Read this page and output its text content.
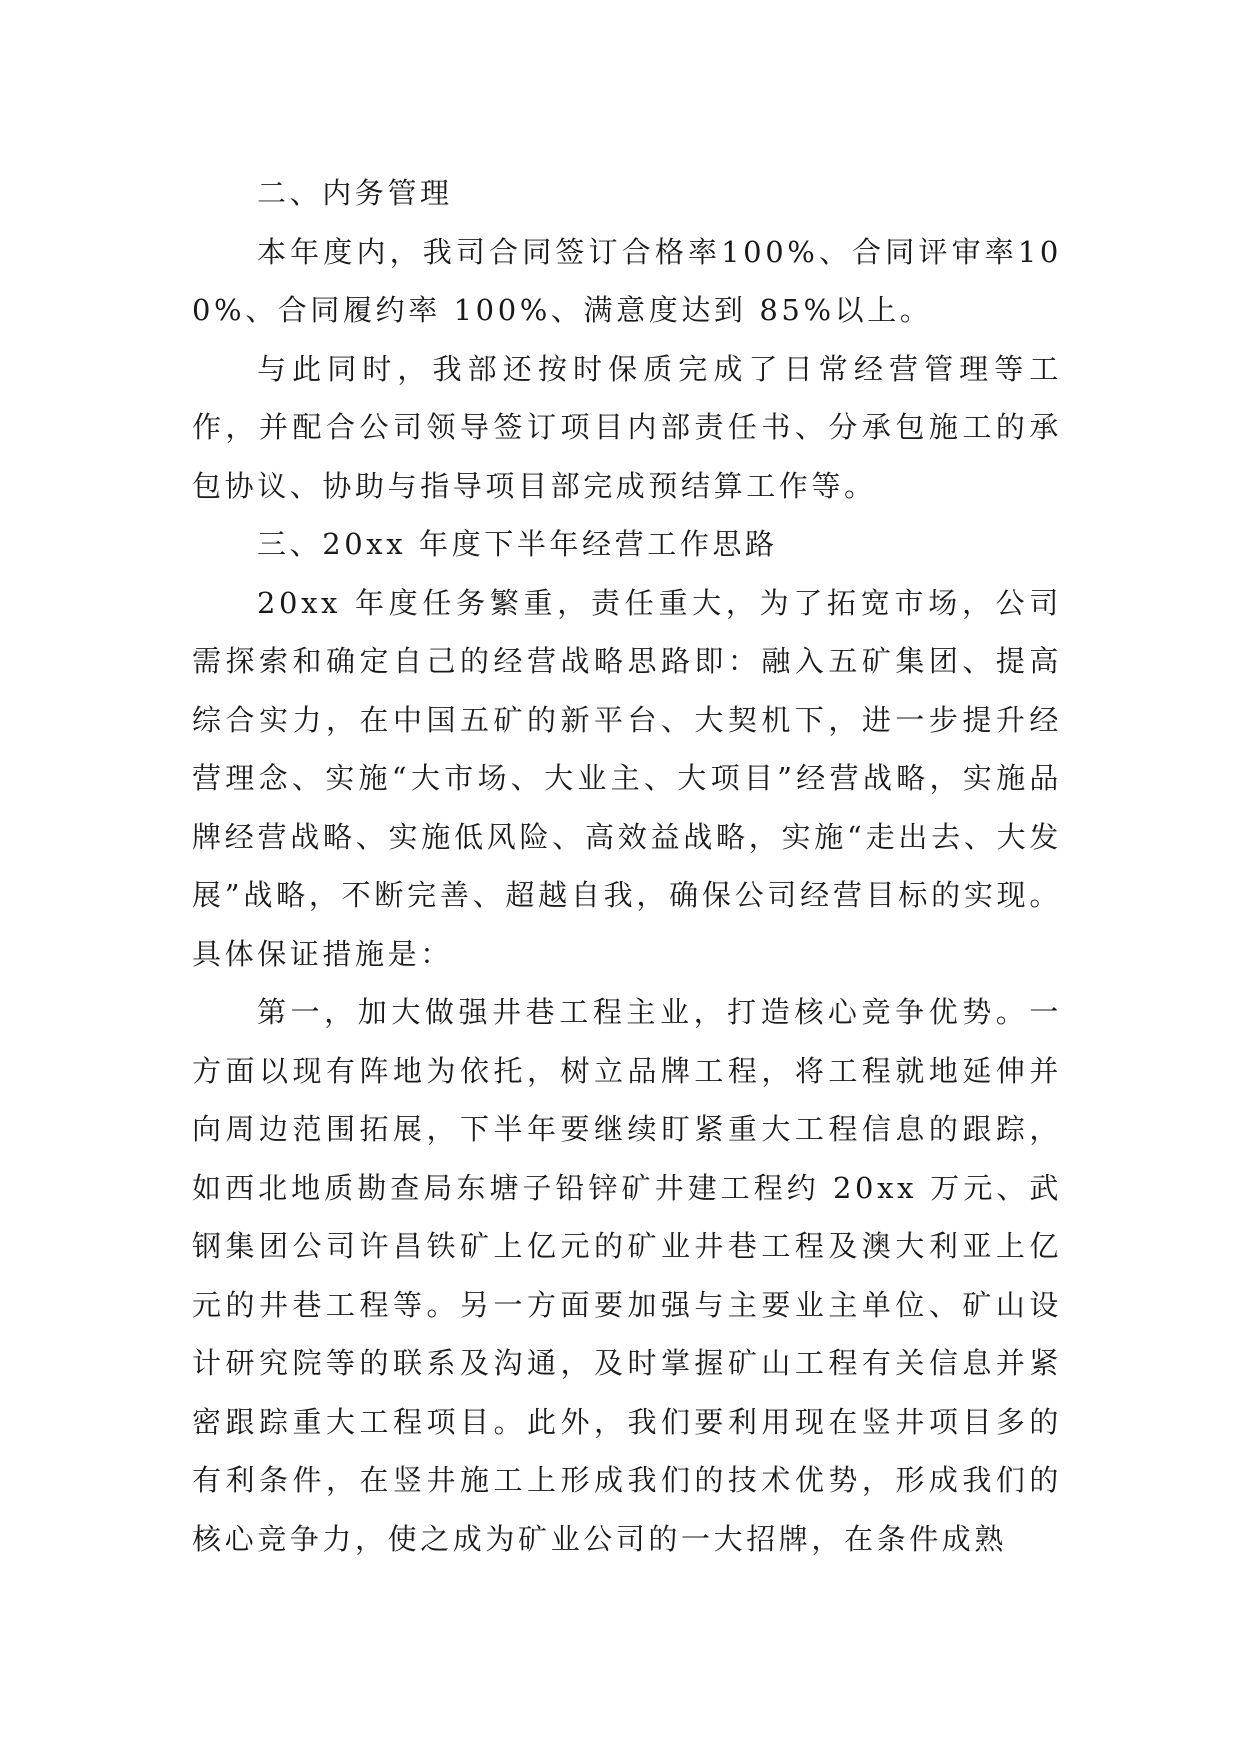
二、内务管理

本年度内，我司合同签订合格率100%、合同评审率100%、合同履约率 100%、满意度达到 85%以上。

与此同时，我部还按时保质完成了日常经营管理等工作，并配合公司领导签订项目内部责任书、分承包施工的承包协议、协助与指导项目部完成预结算工作等。

三、20xx 年度下半年经营工作思路

20xx 年度任务繁重，责任重大，为了拓宽市场，公司需探索和确定自己的经营战略思路即：融入五矿集团、提高综合实力，在中国五矿的新平台、大契机下，进一步提升经营理念、实施“大市场、大业主、大项目”经营战略，实施品牌经营战略、实施低风险、高效益战略，实施“走出去、大发展”战略，不断完善、超越自我，确保公司经营目标的实现。具体保证措施是：

第一，加大做强井巷工程主业，打造核心竞争优势。一方面以现有阵地为依托，树立品牌工程，将工程就地延伸并向周边范围拓展，下半年要继续盯紧重大工程信息的跟踪，如西北地质勘查局东塘子铅锌矿井建工程约 20xx 万元、武钢集团公司许昌铁矿上亿元的矿业井巷工程及澳大利亚上亿元的井巷工程等。另一方面要加强与主要业主单位、矿山设计研究院等的联系及沟通，及时掌握矿山工程有关信息并紧密跟踪重大工程项目。此外，我们要利用现在竖井项目多的有利条件，在竖井施工上形成我们的技术优势，形成我们的核心竞争力，使之成为矿业公司的一大招牌，在条件成熟
